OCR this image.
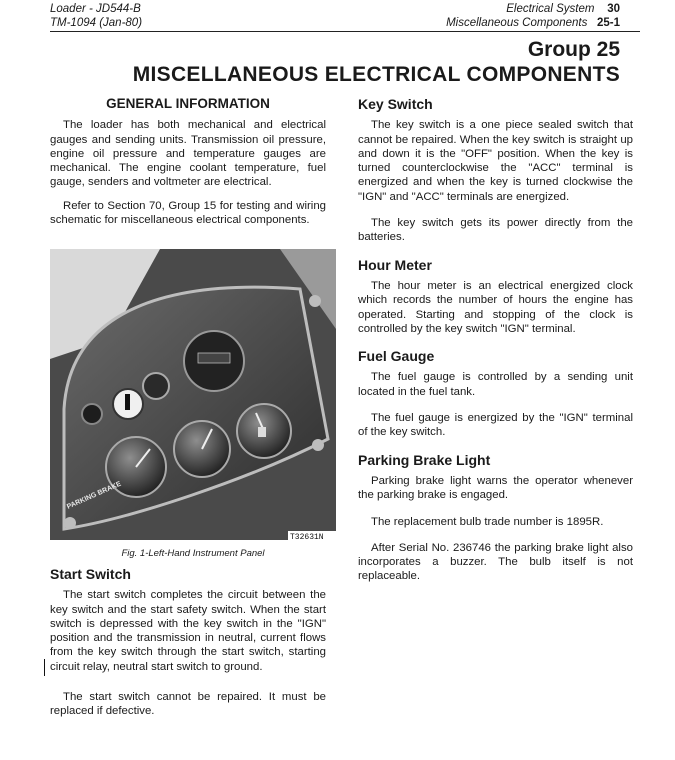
Loader - JD544-B
TM-1094 (Jan-80)
Electrical System 30
Miscellaneous Components 25-1
Group 25
MISCELLANEOUS ELECTRICAL COMPONENTS
GENERAL INFORMATION

The loader has both mechanical and electrical gauges and sending units. Transmission oil pressure, engine oil pressure and temperature gauges are mechanical. The engine coolant temperature, fuel gauge, senders and voltmeter are electrical.

Refer to Section 70, Group 15 for testing and wiring schematic for miscellaneous electrical components.

PARKING BRAKE
T32631N
Fig. 1-Left-Hand Instrument Panel
Start Switch

The start switch completes the circuit between the key switch and the start safety switch. When the start switch is depressed with the key switch in the "IGN" position and the transmission in neutral, current flows from the key switch through the start switch, starting circuit relay, neutral start switch to ground.

The start switch cannot be repaired. It must be replaced if defective.

Key Switch

The key switch is a one piece sealed switch that cannot be repaired. When the key switch is straight up and down it is the "OFF" position. When the key is turned counterclockwise the "ACC" terminal is energized and when the key is turned clockwise the "IGN" and "ACC" terminals are energized.

The key switch gets its power directly from the batteries.

Hour Meter

The hour meter is an electrical energized clock which records the number of hours the engine has operated. Starting and stopping of the clock is controlled by the key switch "IGN" terminal.

Fuel Gauge

The fuel gauge is controlled by a sending unit located in the fuel tank.

The fuel gauge is energized by the "IGN" terminal of the key switch.

Parking Brake Light

Parking brake light warns the operator whenever the parking brake is engaged.

The replacement bulb trade number is 1895R.

After Serial No. 236746 the parking brake light also incorporates a buzzer. The bulb itself is not replaceable.
